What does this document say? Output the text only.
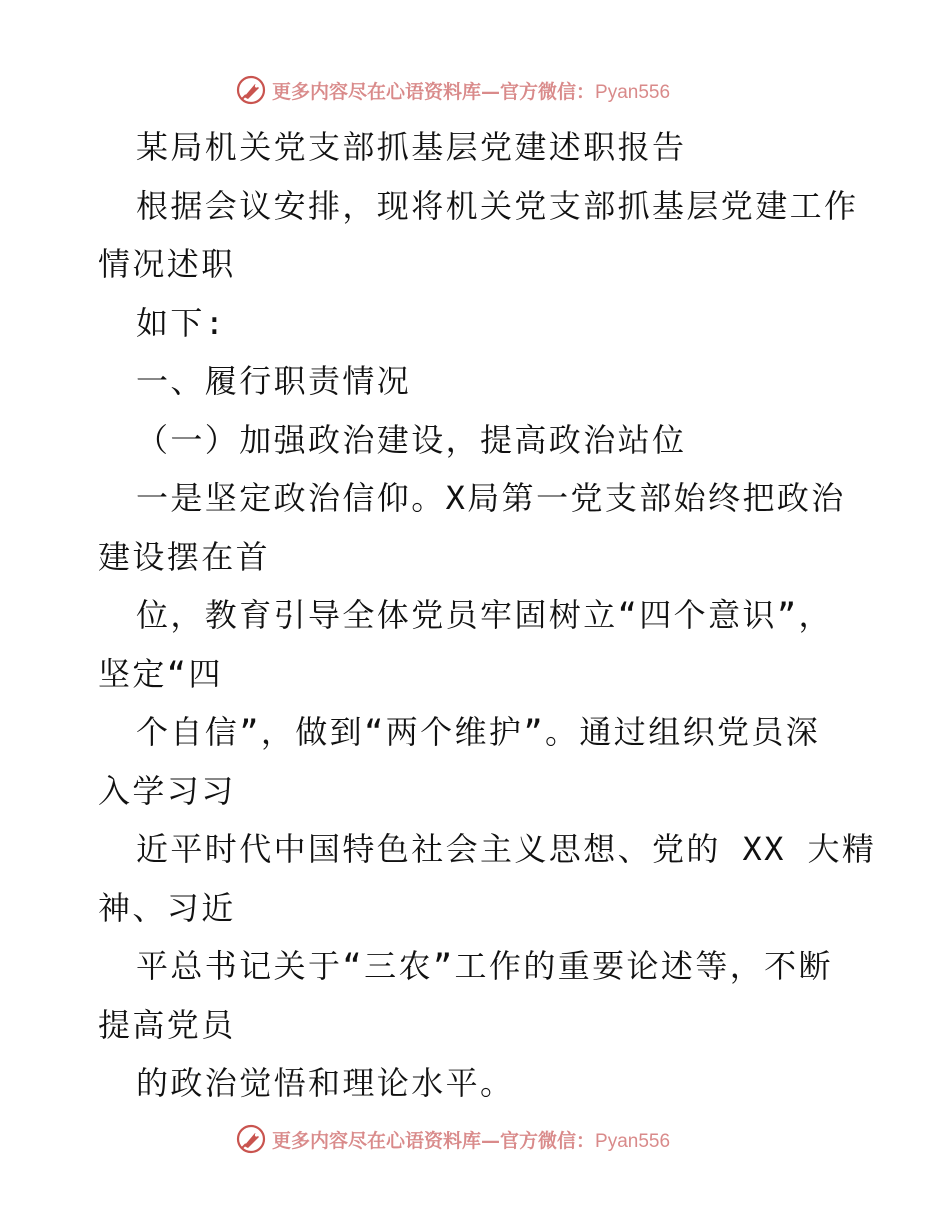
更多内容尽在心语资料库—官方微信：Pyan556
某局机关党支部抓基层党建述职报告
根据会议安排，现将机关党支部抓基层党建工作
情况述职
如下:
一、履行职责情况
（一）加强政治建设，提高政治站位
一是坚定政治信仰。X局第一党支部始终把政治
建设摆在首
位，教育引导全体党员牢固树立“四个意识”，
坚定“四
个自信”，做到“两个维护”。通过组织党员深
入学习习
近平时代中国特色社会主义思想、党的 XX 大精
神、习近
平总书记关于“三农”工作的重要论述等，不断
提高党员
的政治觉悟和理论水平。
更多内容尽在心语资料库—官方微信：Pyan556
